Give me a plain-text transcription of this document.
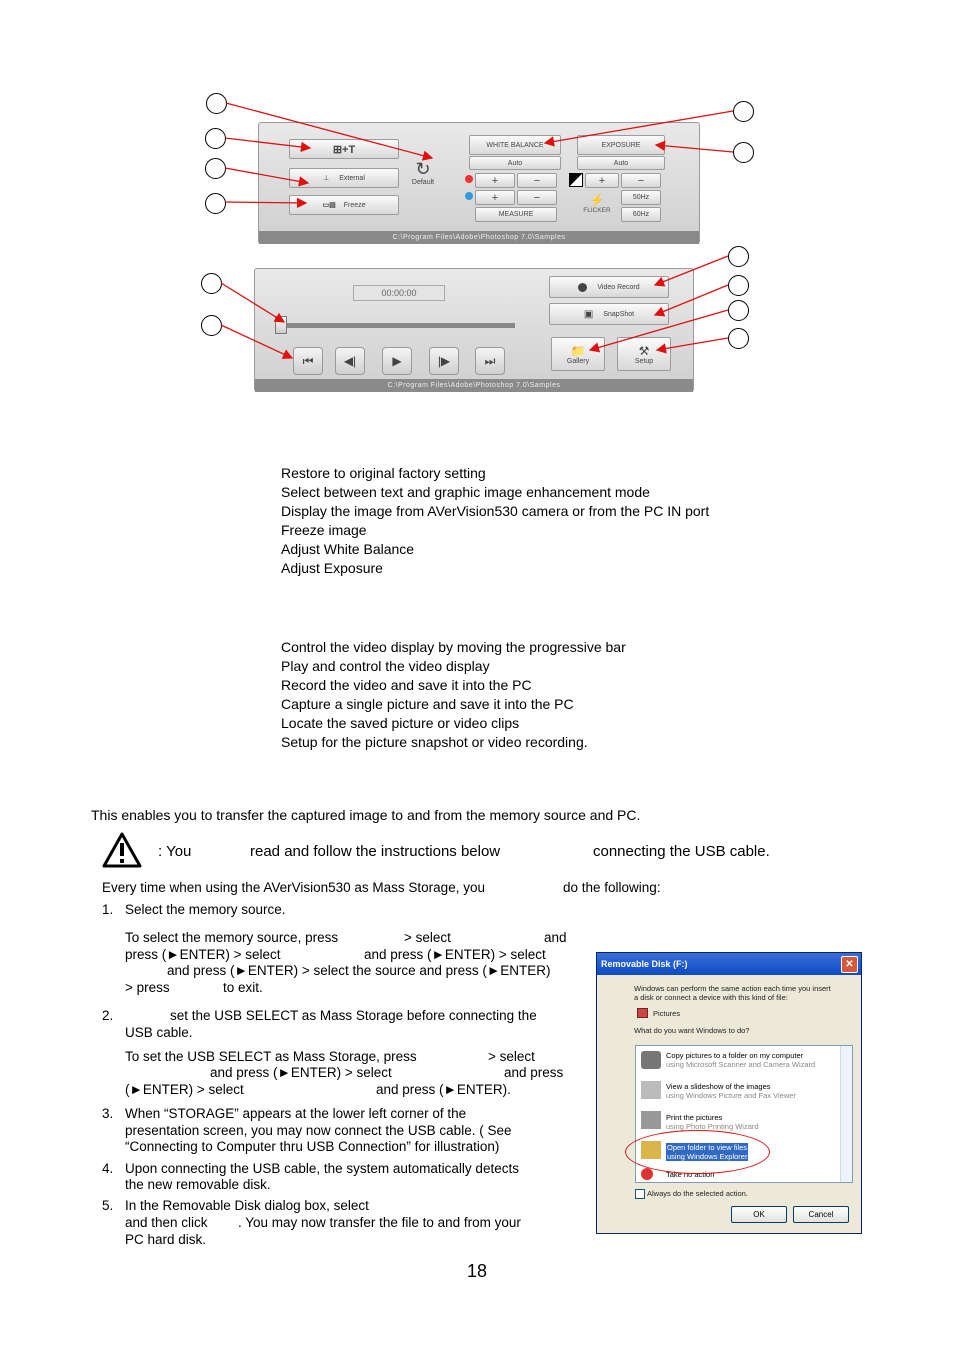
⊞+T
⊥ External
▭▤ Freeze
↻
Default
WHITE BALANCE	EXPOSURE
Auto	Auto
+	−
+	−
MEASURE
+	−
50Hz
60Hz
⚡
FLICKER
C:\Program Files\Adobe\Photoshop 7.0\Samples
00:00:00
⏮	◀|	▶	|▶	⏭
Video Record
▣ SnapShot
📁
Gallery
⚒
Setup
C:\Program Files\Adobe\Photoshop 7.0\Samples
Restore to original factory setting
Select between text and graphic image enhancement mode
Display the image from AVerVision530 camera or from the PC IN port
Freeze image
Adjust White Balance
Adjust Exposure
Control the video display by moving the progressive bar
Play and control the video display
Record the video and save it into the PC
Capture a single picture and save it into the PC
Locate the saved picture or video clips
Setup for the picture snapshot or video recording.
This enables you to transfer the captured image to and from the memory source and PC.
: You	read and follow the instructions below	connecting the USB cable.
Every time when using the AVerVision530 as Mass Storage, you	do the following:
1. Select the memory source.
To select the memory source, press	> select	and
press (►ENTER) > select	and press (►ENTER) > select
and press (►ENTER) > select the source and press (►ENTER)
> press	to exit.
2.	set the USB SELECT as Mass Storage before connecting the
USB cable.
To set the USB SELECT as Mass Storage, press	> select
and press (►ENTER) > select	and press
(►ENTER) > select	and press (►ENTER).
3. When “STORAGE” appears at the lower left corner of the
presentation screen, you may now connect the USB cable. ( See
“Connecting to Computer thru USB Connection” for illustration)
4. Upon connecting the USB cable, the system automatically detects
the new removable disk.
5. In the Removable Disk dialog box, select
and then click . You may now transfer the file to and from your
PC hard disk.
Removable Disk (F:)	✕
Windows can perform the same action each time you insert
a disk or connect a device with this kind of file:
Pictures
What do you want Windows to do?
Copy pictures to a folder on my computer
using Microsoft Scanner and Camera Wizard
View a slideshow of the images
using Windows Picture and Fax Viewer
Print the pictures
using Photo Printing Wizard
Open folder to view files
using Windows Explorer
Take no action
Always do the selected action.
OK	Cancel
18
